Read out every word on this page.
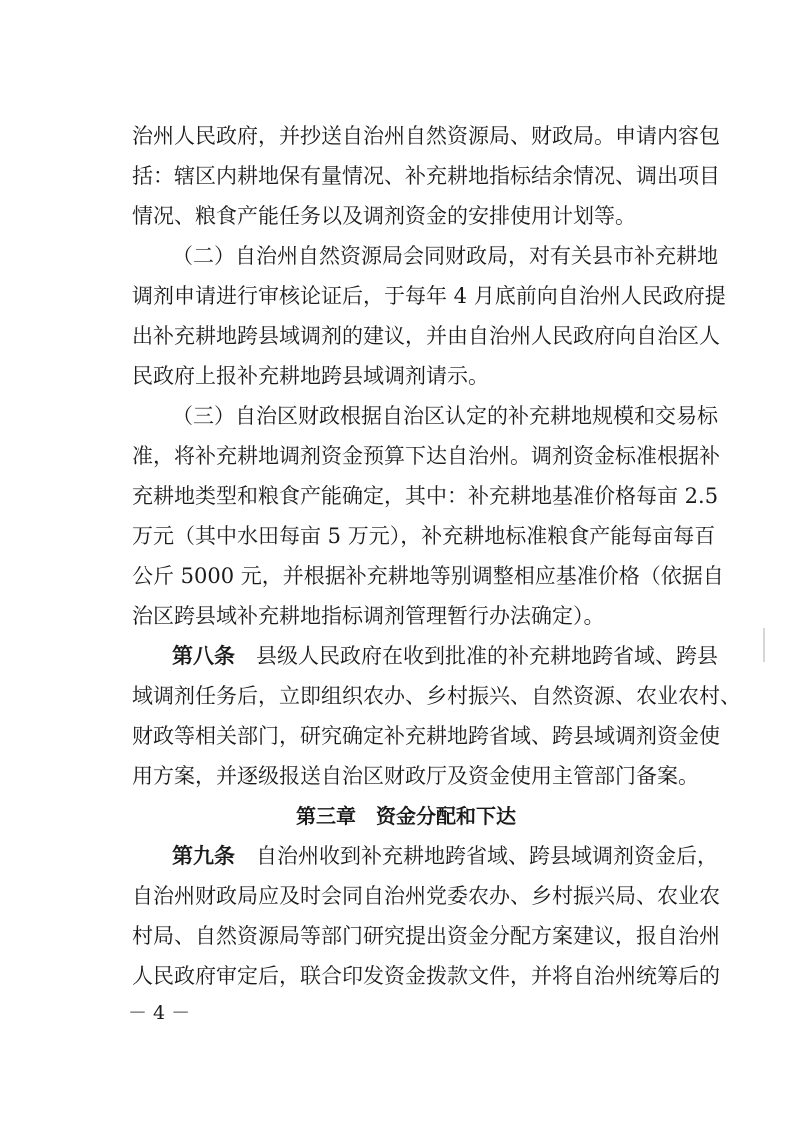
治州人民政府，并抄送自治州自然资源局、财政局。申请内容包
括：辖区内耕地保有量情况、补充耕地指标结余情况、调出项目
情况、粮食产能任务以及调剂资金的安排使用计划等。
（二）自治州自然资源局会同财政局，对有关县市补充耕地
调剂申请进行审核论证后，于每年 4 月底前向自治州人民政府提
出补充耕地跨县域调剂的建议，并由自治州人民政府向自治区人
民政府上报补充耕地跨县域调剂请示。
（三）自治区财政根据自治区认定的补充耕地规模和交易标
准，将补充耕地调剂资金预算下达自治州。调剂资金标准根据补
充耕地类型和粮食产能确定，其中：补充耕地基准价格每亩 2.5
万元（其中水田每亩 5 万元），补充耕地标准粮食产能每亩每百
公斤 5000 元，并根据补充耕地等别调整相应基准价格（依据自
治区跨县域补充耕地指标调剂管理暂行办法确定）。
第八条　 县级人民政府在收到批准的补充耕地跨省域、跨县
域调剂任务后，立即组织农办、乡村振兴、自然资源、农业农村、
财政等相关部门，研究确定补充耕地跨省域、跨县域调剂资金使
用方案，并逐级报送自治区财政厅及资金使用主管部门备案。
第三章　资金分配和下达
第九条　 自治州收到补充耕地跨省域、跨县域调剂资金后，
自治州财政局应及时会同自治州党委农办、乡村振兴局、农业农
村局、自然资源局等部门研究提出资金分配方案建议，报自治州
人民政府审定后，联合印发资金拨款文件，并将自治州统筹后的
－ 4 －
